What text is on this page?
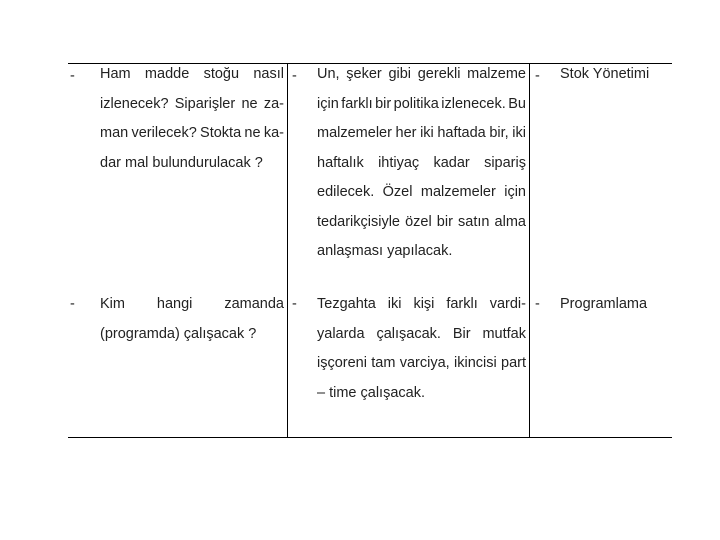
- Ham madde stoğu nasıl
izlenecek? Siparişler ne za-
man verilecek? Stokta ne ka-
dar mal bulundurulacak ?
- Un, şeker gibi gerekli malzeme
için farklı bir politika izlenecek. Bu
malzemeler her iki haftada bir, iki
haftalık ihtiyaç kadar sipariş
edilecek. Özel malzemeler için
tedarikçisiyle özel bir satın alma
anlaşması yapılacak.
- Stok Yönetimi
- Kim hangi zamanda
(programda) çalışacak ?
- Tezgahta iki kişi farklı vardi-
yalarda çalışacak. Bir mutfak
işçoreni tam varciya, ikincisi part
– time çalışacak.
- Programlama
